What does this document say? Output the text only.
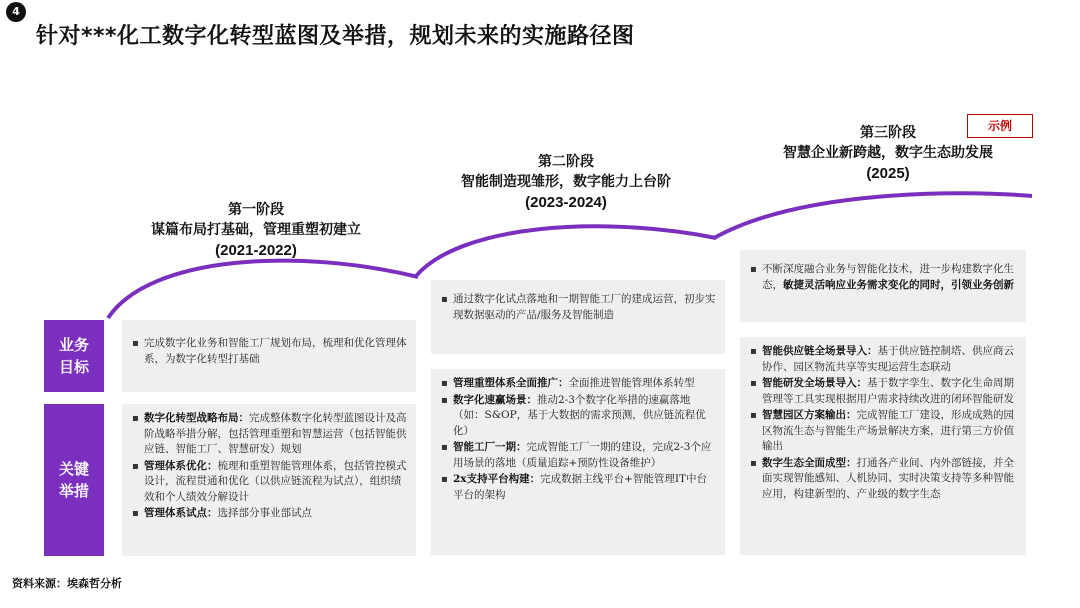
4
针对***化工数字化转型蓝图及举措，规划未来的实施路径图
示例
第一阶段
谋篇布局打基础，管理重塑初建立
(2021-2022)
第二阶段
智能制造现雏形，数字能力上台阶
(2023-2024)
第三阶段
智慧企业新跨越，数字生态助发展
(2025)
业务
目标
关键
举措
▪ 完成数字化业务和智能工厂规划布局，梳理和优化管理体系，为数字化转型打基础
▪ 通过数字化试点落地和一期智能工厂的建成运营，初步实现数据驱动的产品/服务及智能制造
▪ 不断深度融合业务与智能化技术，进一步构建数字化生态，敏捷灵活响应业务需求变化的同时，引领业务创新
▪ 数字化转型战略布局：完成整体数字化转型蓝图设计及高阶战略举措分解，包括管理重塑和智慧运营（包括智能供应链、智能工厂、智慧研发）规划
▪ 管理体系优化：梳理和重塑智能管理体系，包括管控模式设计，流程贯通和优化（以供应链流程为试点），组织绩效和个人绩效分解设计
▪ 管理体系试点：选择部分事业部试点
▪ 管理重塑体系全面推广：全面推进智能管理体系转型
▪ 数字化速赢场景：推动2-3个数字化举措的速赢落地（如：S&OP，基于大数据的需求预测，供应链流程优化）
▪ 智能工厂一期：完成智能工厂一期的建设，完成2-3个应用场景的落地（质量追踪+预防性设备维护）
▪ 2x支持平台构建：完成数据主线平台+智能管理IT中台平台的架构
▪ 智能供应链全场景导入：基于供应链控制塔、供应商云协作、园区物流共享等实现运营生态联动
▪ 智能研发全场景导入：基于数字孪生、数字化生命周期管理等工具实现根据用户需求持续改进的闭环智能研发
▪ 智慧园区方案输出：完成智能工厂建设，形成成熟的园区物流生态与智能生产场景解决方案，进行第三方价值输出
▪ 数字生态全面成型：打通各产业间、内外部链接，并全面实现智能感知、人机协同、实时决策支持等多种智能应用，构建新型的、产业级的数字生态
资料来源：埃森哲分析
